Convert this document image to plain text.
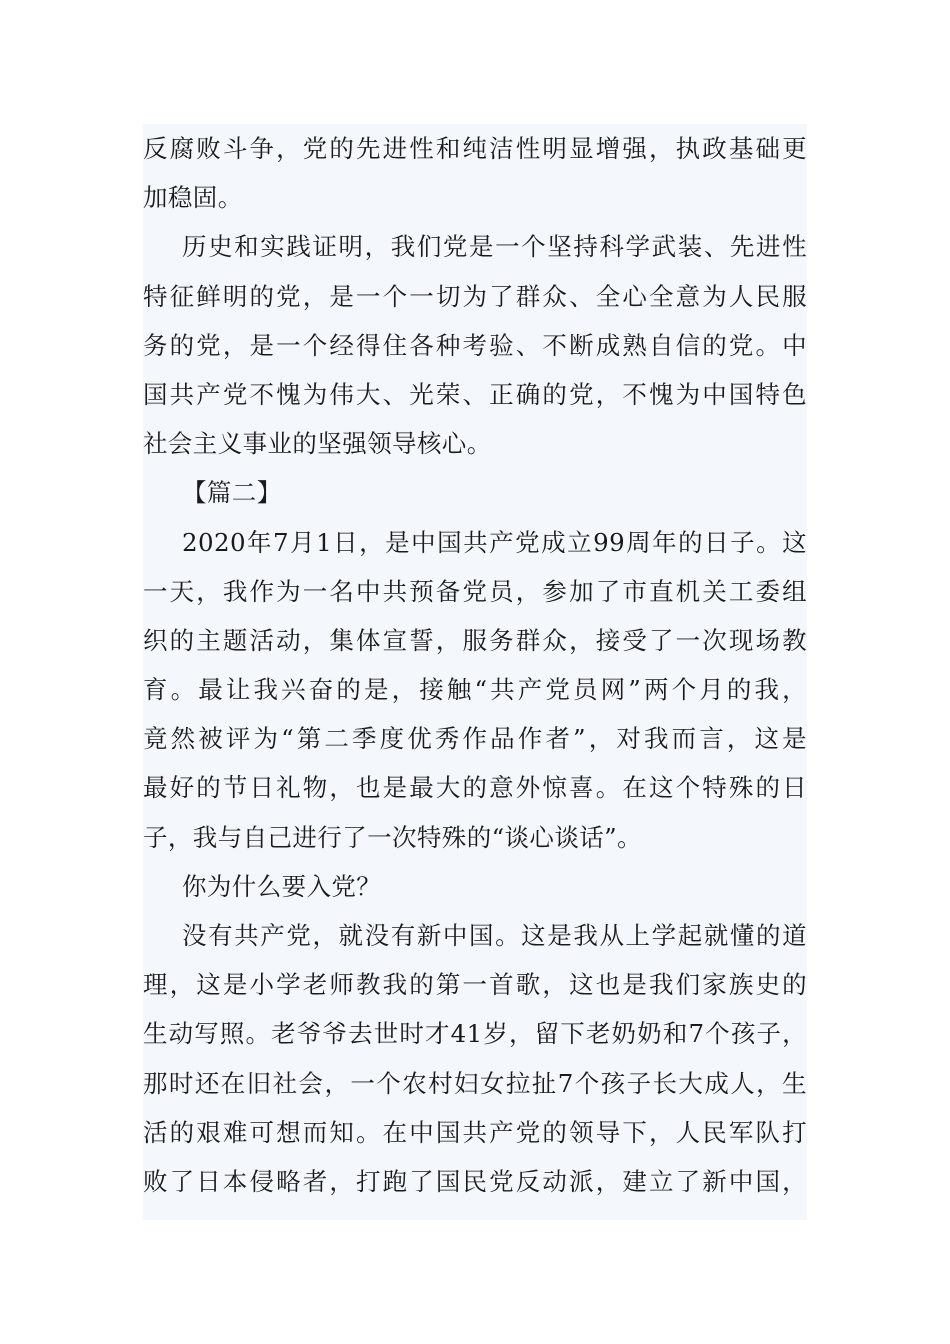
反腐败斗争，党的先进性和纯洁性明显增强，执政基础更
加稳固。
历史和实践证明，我们党是一个坚持科学武装、先进性
特征鲜明的党，是一个一切为了群众、全心全意为人民服
务的党，是一个经得住各种考验、不断成熟自信的党。中
国共产党不愧为伟大、光荣、正确的党，不愧为中国特色
社会主义事业的坚强领导核心。
【篇二】
2020年7月1日，是中国共产党成立99周年的日子。这
一天，我作为一名中共预备党员，参加了市直机关工委组
织的主题活动，集体宣誓，服务群众，接受了一次现场教
育。最让我兴奋的是，接触“共产党员网”两个月的我，
竟然被评为“第二季度优秀作品作者”，对我而言，这是
最好的节日礼物，也是最大的意外惊喜。在这个特殊的日
子，我与自己进行了一次特殊的“谈心谈话”。
你为什么要入党？
没有共产党，就没有新中国。这是我从上学起就懂的道
理，这是小学老师教我的第一首歌，这也是我们家族史的
生动写照。老爷爷去世时才41岁，留下老奶奶和7个孩子，
那时还在旧社会，一个农村妇女拉扯7个孩子长大成人，生
活的艰难可想而知。在中国共产党的领导下，人民军队打
败了日本侵略者，打跑了国民党反动派，建立了新中国，
